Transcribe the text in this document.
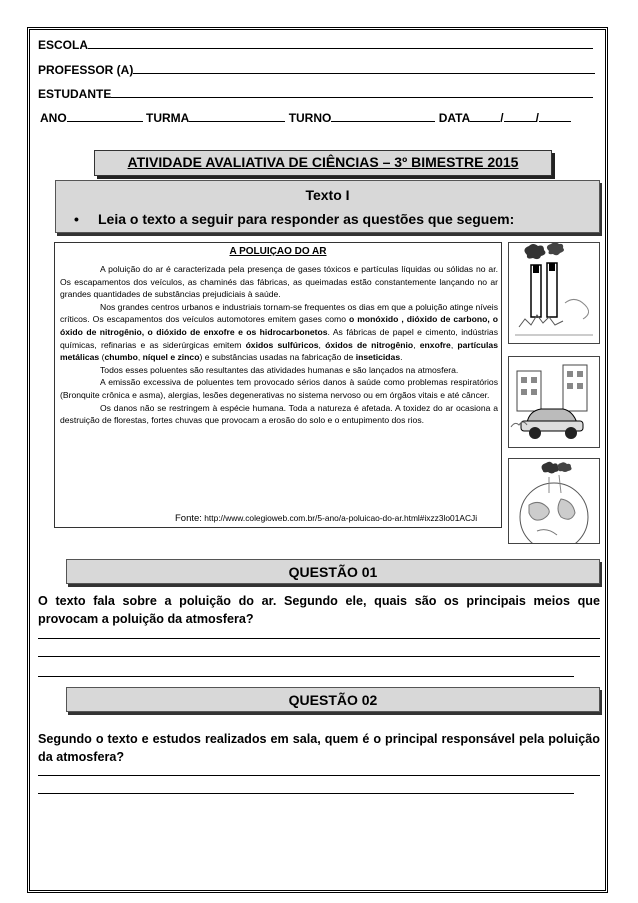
ESCOLA
PROFESSOR (A)
ESTUDANTE
ANO	TURMA	TURNO	DATA	/	/
ATIVIDADE AVALIATIVA DE CIÊNCIAS – 3º BIMESTRE 2015
Texto I
• Leia o texto a seguir para responder as questões que seguem:
A POLUIÇAO DO AR

A poluição do ar é caracterizada pela presença de gases tóxicos e partículas líquidas ou sólidas no ar. Os escapamentos dos veículos, as chaminés das fábricas, as queimadas estão constantemente lançando no ar grandes quantidades de substâncias prejudiciais à saúde.

Nos grandes centros urbanos e industriais tornam-se frequentes os dias em que a poluição atinge níveis críticos. Os escapamentos dos veículos automotores emitem gases como o monóxido , dióxido de carbono, o óxido de nitrogênio, o dióxido de enxofre e os hidrocarbonetos. As fábricas de papel e cimento, indústrias químicas, refinarias e as siderúrgicas emitem óxidos sulfúricos, óxidos de nitrogênio, enxofre, partículas metálicas (chumbo, níquel e zinco) e substâncias usadas na fabricação de inseticidas.

Todos esses poluentes são resultantes das atividades humanas e são lançados na atmosfera.

A emissão excessiva de poluentes tem provocado sérios danos à saúde como problemas respiratórios (Bronquite crônica e asma), alergias, lesões degenerativas no sistema nervoso ou em órgãos vitais e até câncer.

Os danos não se restringem à espécie humana. Toda a natureza é afetada. A toxidez do ar ocasiona a destruição de florestas, fortes chuvas que provocam a erosão do solo e o entupimento dos rios.

Fonte: http://www.colegioweb.com.br/5-ano/a-poluicao-do-ar.html#ixzz3lo01ACJi
QUESTÃO 01
O texto fala sobre a poluição do ar. Segundo ele, quais são os principais meios que provocam a poluição da atmosfera?
QUESTÃO 02
Segundo o texto e estudos realizados em sala, quem é o principal responsável pela poluição da atmosfera?
